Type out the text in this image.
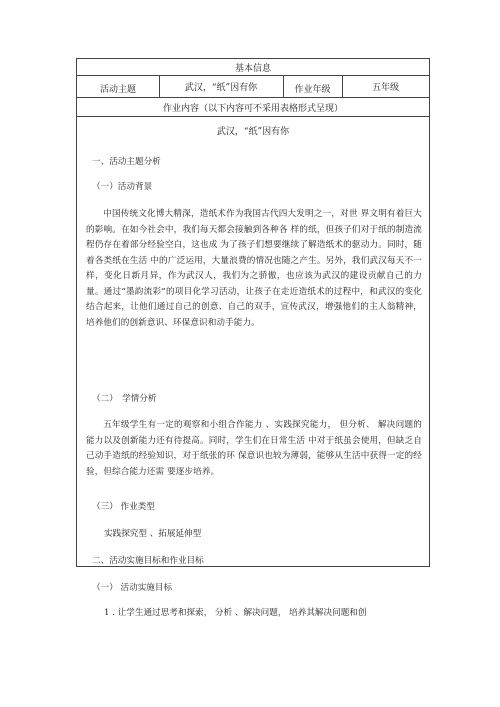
基本信息
活动主题	武汉，“纸”因有你	作业年级	五年级
作业内容（以下内容可不采用表格形式呈现）
武汉，“纸”因有你
一、活动主题分析
（一）活动背景
中国传统文化博大精深，造纸术作为我国古代四大发明之一，对世 界文明有着巨大的影响。在如今社会中，我们每天都会接触到各种各 样的纸，但孩子们对于纸的制造流程仍存在着部分经验空白，这也成 为了孩子们想要继续了解造纸术的驱动力。同时，随着各类纸在生活 中的广泛运用，大量浪费的情况也随之产生。另外，我们武汉每天不一样，变化日新月异，作为武汉人，我们为之骄傲，也应该为武汉的建设贡献自己的力量。通过“墨韵流彩”的项目化学习活动，让孩子在走近造纸术的过程中，和武汉的变化结合起来，让他们通过自己的创意、自己的双手，宣传武汉，增强他们的主人翁精神，培养他们的创新意识、环保意识和动手能力。
（二）　学情分析
五年级学生有一定的观察和小组合作能力 、实践探究能力， 但分析、 解决问题的能力以及创新能力还有待提高。同时，学生们在日常生活 中对于纸虽会使用，但缺乏自己动手造纸的经验知识，对于纸张的环 保意识也较为薄弱，能够从生活中获得一定的经验，但综合能力还需 要逐步培养。
（三） 作业类型
实践探究型 、拓展延伸型
二、活动实施目标和作业目标
（一） 活动实施目标
1 . 让学生通过思考和探索， 分析 、解决问题， 培养其解决问题和创
